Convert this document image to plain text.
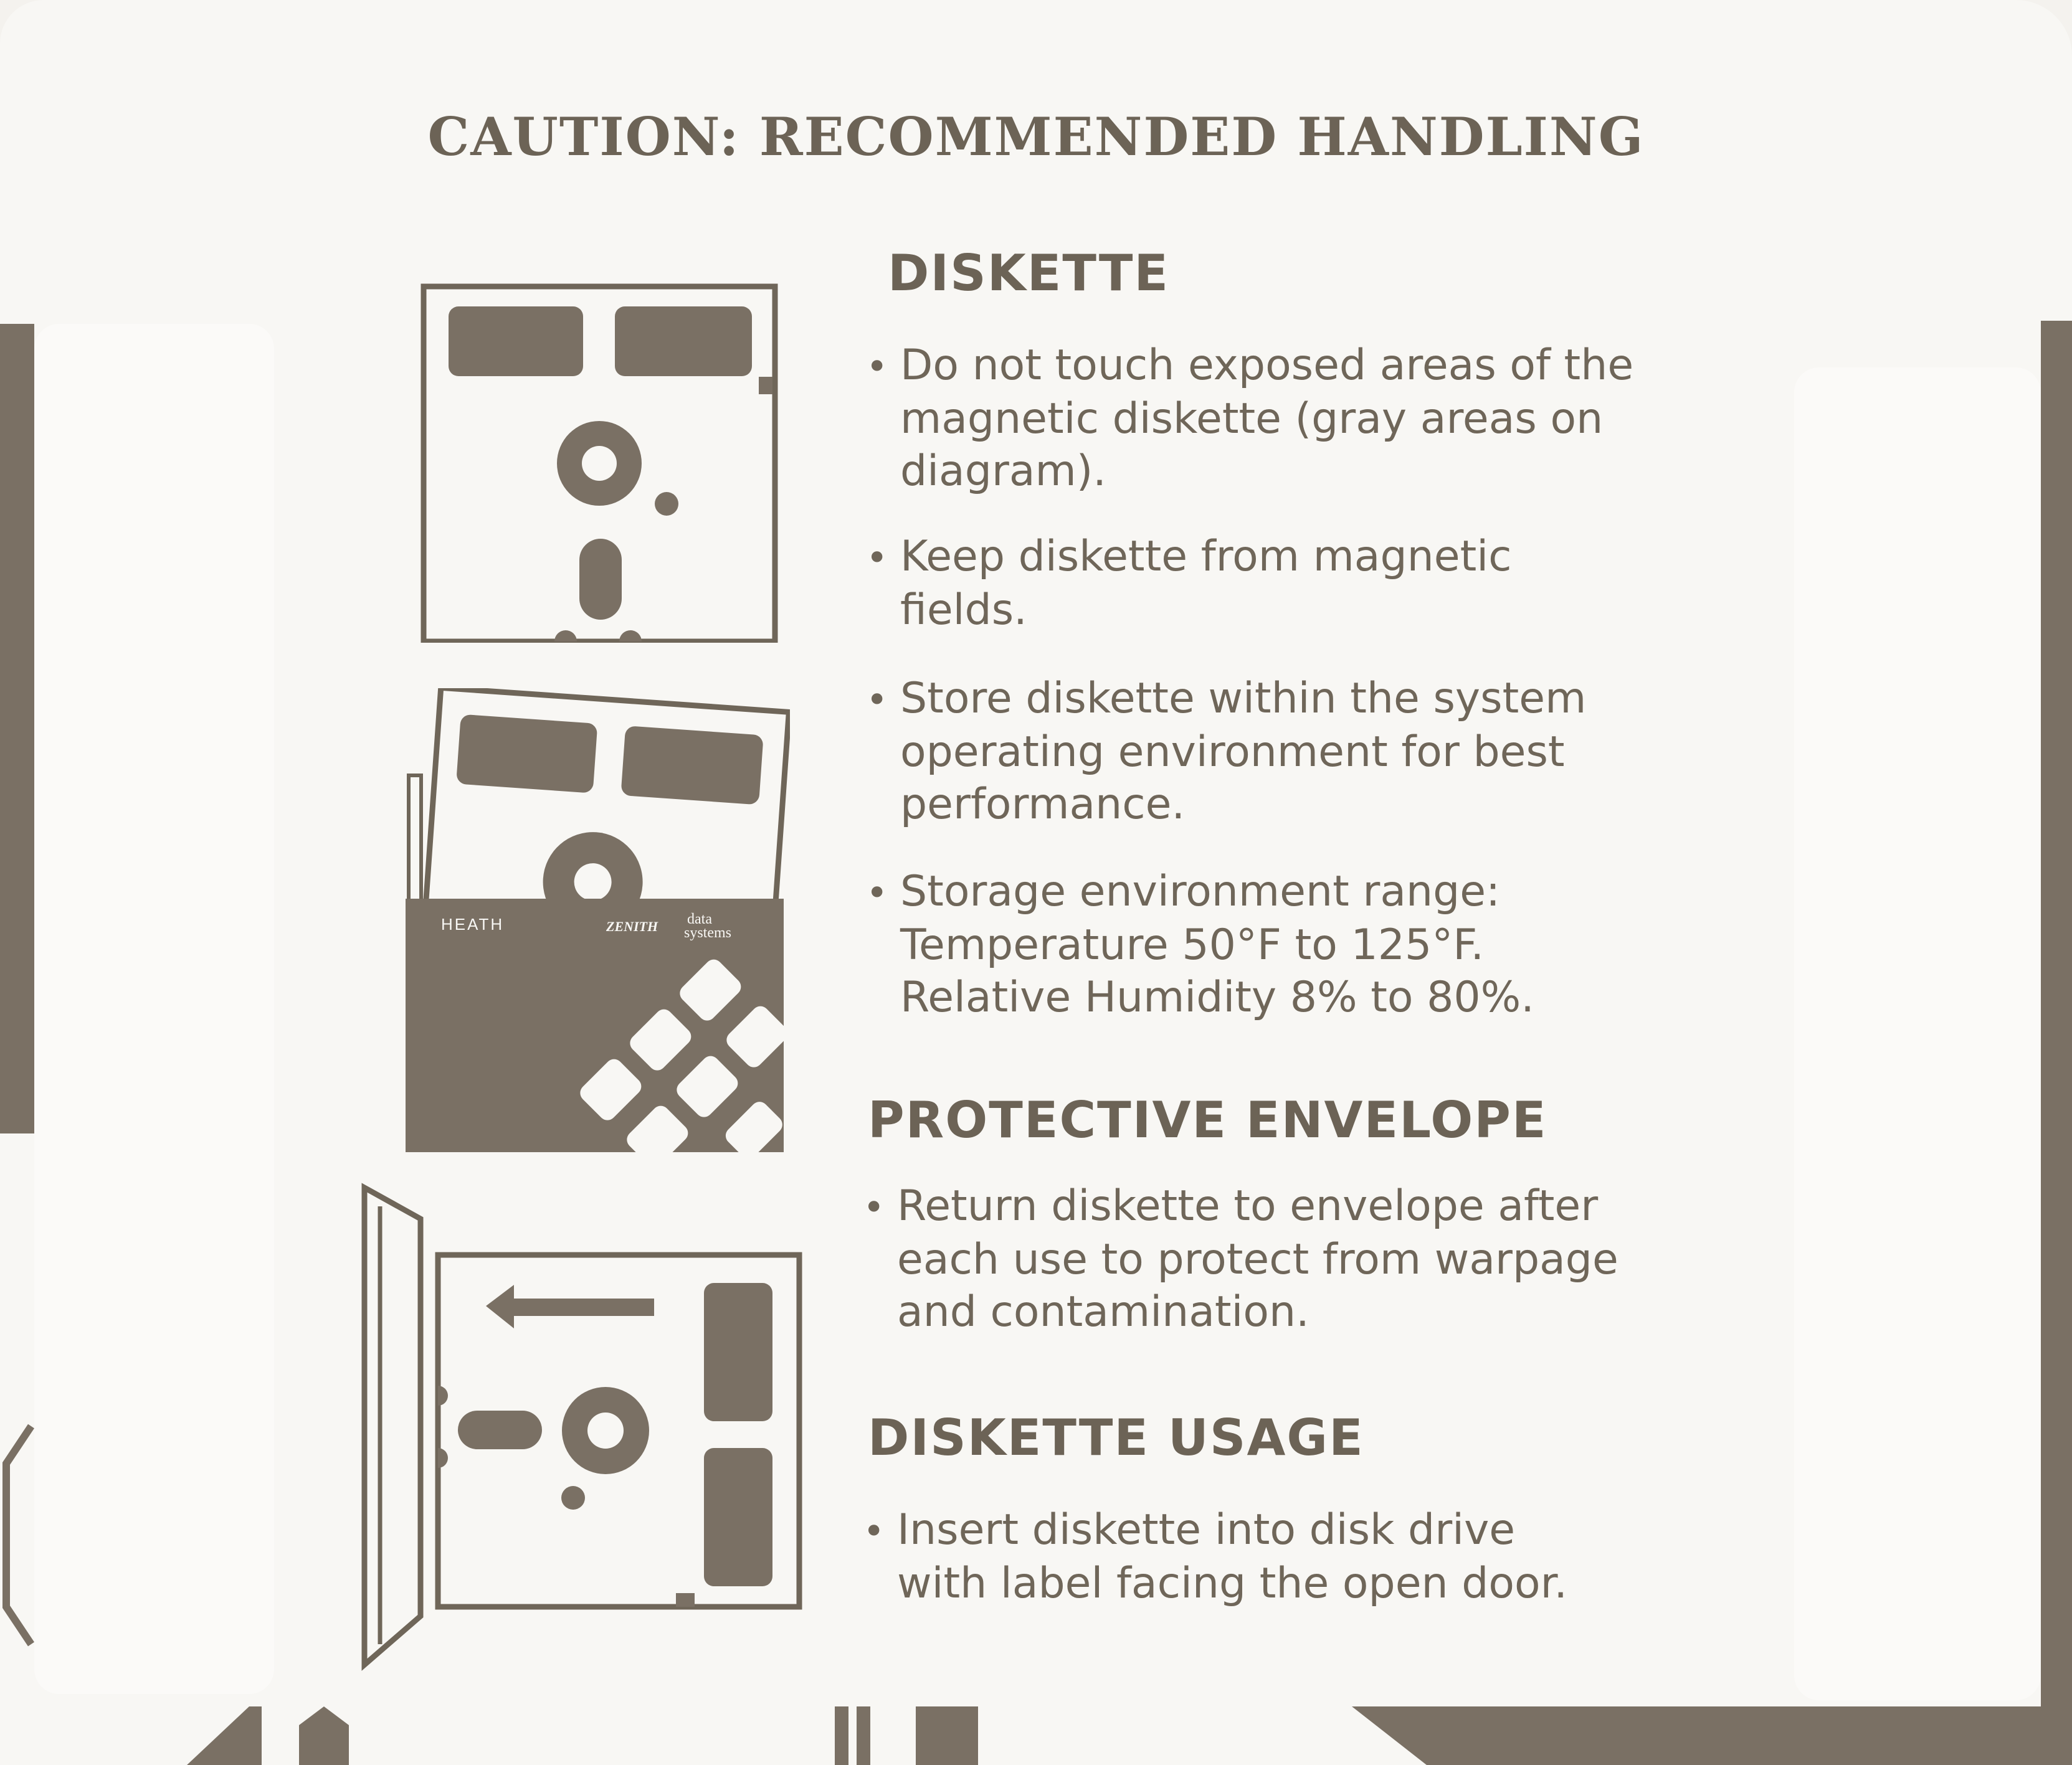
CAUTION: RECOMMENDED HANDLING
HEATH	ZENITH data
systems
DISKETTE
• Do not touch exposed areas of the magnetic diskette (gray areas on diagram).
• Keep diskette from magnetic fields.
• Store diskette within the system operating environment for best performance.
• Storage environment range: Temperature 50°F to 125°F. Relative Humidity 8% to 80%.
PROTECTIVE ENVELOPE
• Return diskette to envelope after each use to protect from warpage and contamination.
DISKETTE USAGE
• Insert diskette into disk drive with label facing the open door.
